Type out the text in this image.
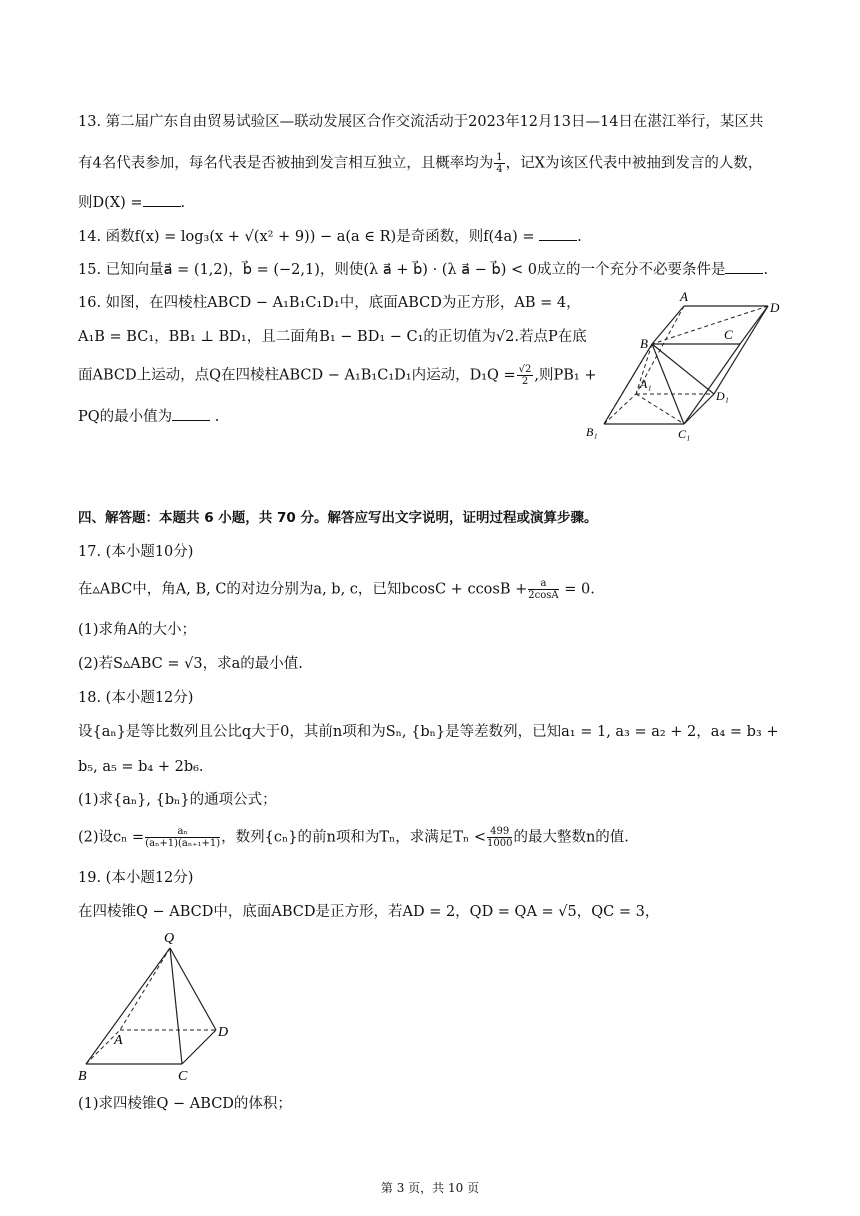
13. 第二届广东自由贸易试验区—联动发展区合作交流活动于2023年12月13日—14日在湛江举行，某区共
有4名代表参加，每名代表是否被抽到发言相互独立，且概率均为 $\frac{1}{4}$ ，记X为该区代表中被抽到发言的人数，
则D(X) =	.
14. 函数f(x) = log₃(x + √(x² + 9)) − a(a ∈ R)是奇函数，则f(4a) =	.
15. 已知向量a⃗ = (1,2)，b⃗ = (−2,1)，则使(λ a⃗ + b⃗) · (λ a⃗ − b⃗) < 0成立的一个充分不必要条件是	.
16. 如图，在四棱柱ABCD − A₁B₁C₁D₁中，底面ABCD为正方形，AB = 4，
A₁B = BC₁，BB₁ ⊥ BD₁，且二面角B₁ − BD₁ − C₁的正切值为√2.若点P在底
面ABCD上运动，点Q在四棱柱ABCD − A₁B₁C₁D₁内运动，$D_1Q = \frac{√2}{2}$ ,则PB₁ +
PQ的最小值为	.
A
D
B
C
A₁
D₁
B₁	C₁
四、解答题：本题共 6 小题，共 70 分。解答应写出文字说明，证明过程或演算步骤。
17. (本小题10分)
在▵ABC中，角A, B, C的对边分别为a, b, c，已知$bcosC + ccosB + \frac{a}{2\cos A} = 0$.
(1)求角A的大小；
(2)若S▵ABC = √3，求a的最小值.
18. (本小题12分)
设{aₙ}是等比数列且公比q大于0，其前n项和为Sₙ, {bₙ}是等差数列，已知a₁ = 1, a₃ = a₂ + 2，a₄ = b₃ +
b₅, a₅ = b₄ + 2b₆.
(1)求{aₙ}, {bₙ}的通项公式；
(2)设$c_n = \frac{\text{aₙ}}{\text{(aₙ+1)(aₙ₊₁+1)}}$ ，数列{cₙ}的前n项和为Tₙ，求满足$T_n < \frac{499}{1000}$ 的最大整数n的值.
19. (本小题12分)
在四棱锥Q − ABCD中，底面ABCD是正方形，若AD = 2，QD = QA = √5，QC = 3，
Q
A
D
B	C
(1)求四棱锥Q − ABCD的体积；
第 3 页，共 10 页
